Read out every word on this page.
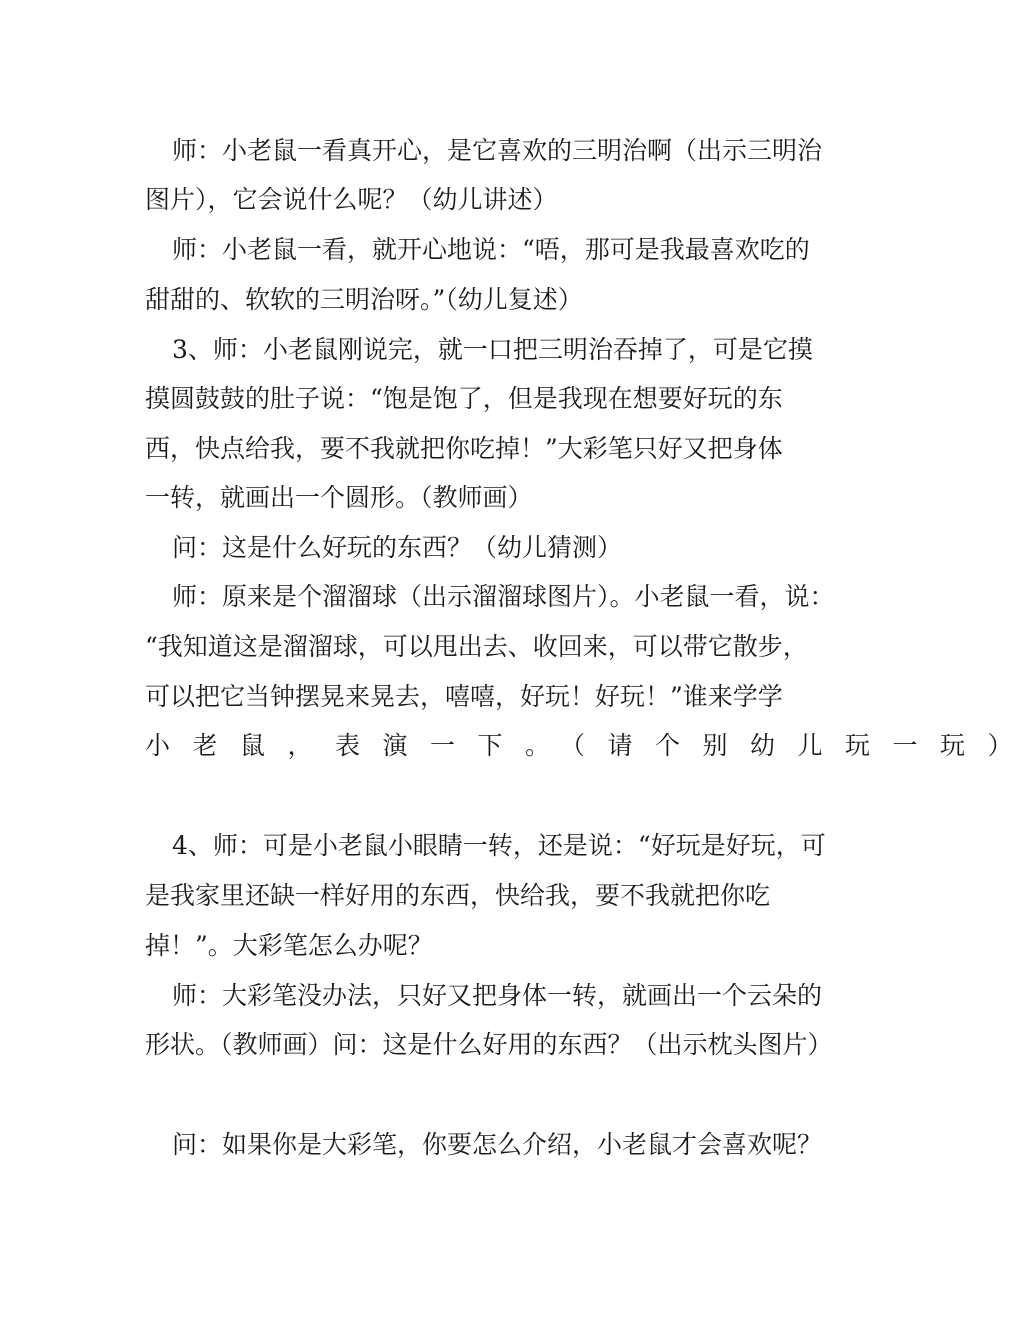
师：小老鼠一看真开心，是它喜欢的三明治啊（出示三明治
图片），它会说什么呢？（幼儿讲述）
师：小老鼠一看，就开心地说：“唔，那可是我最喜欢吃的
甜甜的、软软的三明治呀。”（幼儿复述）
3、师：小老鼠刚说完，就一口把三明治吞掉了，可是它摸
摸圆鼓鼓的肚子说：“饱是饱了，但是我现在想要好玩的东
西，快点给我，要不我就把你吃掉！”大彩笔只好又把身体
一转，就画出一个圆形。（教师画）
问：这是什么好玩的东西？（幼儿猜测）
师：原来是个溜溜球（出示溜溜球图片）。小老鼠一看，说：
“我知道这是溜溜球，可以甩出去、收回来，可以带它散步，
可以把它当钟摆晃来晃去，嘻嘻，好玩！好玩！”谁来学学
小老鼠，表演一下。（请个别幼儿玩一玩）
4、师：可是小老鼠小眼睛一转，还是说：“好玩是好玩，可
是我家里还缺一样好用的东西，快给我，要不我就把你吃
掉！”。大彩笔怎么办呢？
师：大彩笔没办法，只好又把身体一转，就画出一个云朵的
形状。（教师画）问：这是什么好用的东西？（出示枕头图片）
问：如果你是大彩笔，你要怎么介绍，小老鼠才会喜欢呢？
